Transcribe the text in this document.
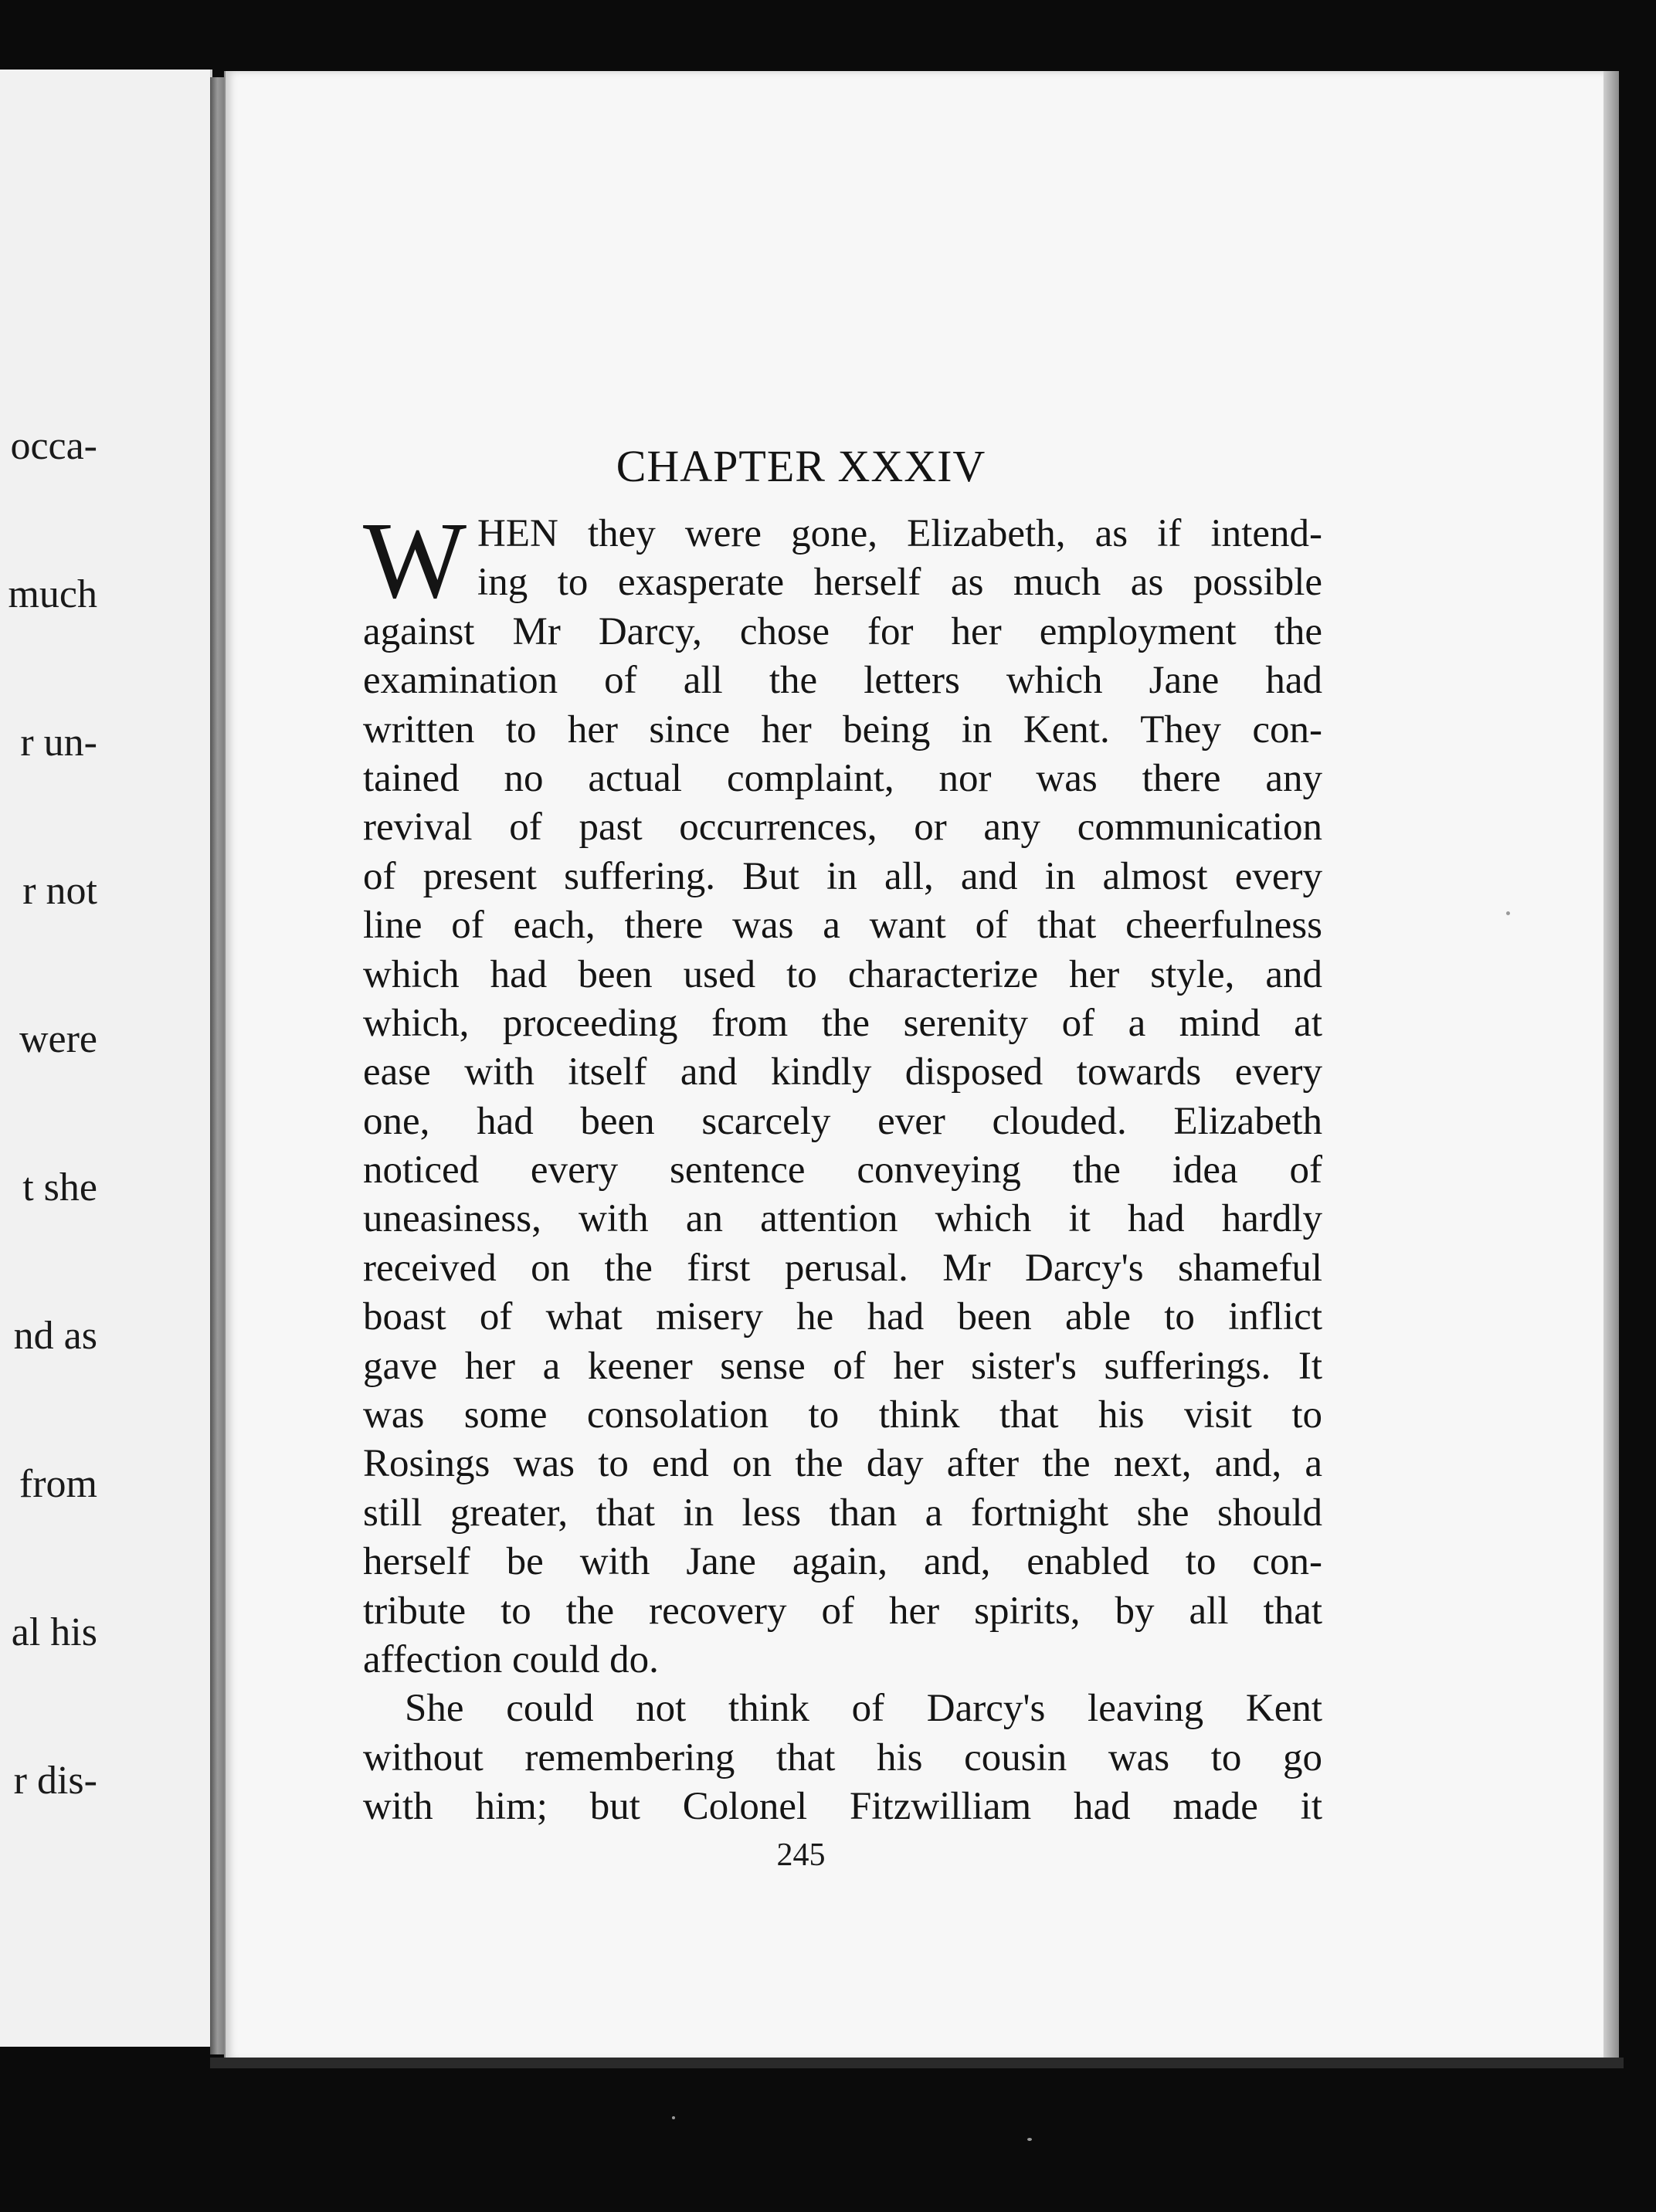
occa-

much

r un-

r not

were

t she

nd as

from

al his

r dis-

CHAPTER XXXIV
W HEN they were gone, Elizabeth, as if intend-
ing to exasperate herself as much as possible
against Mr Darcy, chose for her employment the
examination of all the letters which Jane had
written to her since her being in Kent. They con-
tained no actual complaint, nor was there any
revival of past occurrences, or any communication
of present suffering. But in all, and in almost every
line of each, there was a want of that cheerfulness
which had been used to characterize her style, and
which, proceeding from the serenity of a mind at
ease with itself and kindly disposed towards every
one, had been scarcely ever clouded. Elizabeth
noticed every sentence conveying the idea of
uneasiness, with an attention which it had hardly
received on the first perusal. Mr Darcy's shameful
boast of what misery he had been able to inflict
gave her a keener sense of her sister's sufferings. It
was some consolation to think that his visit to
Rosings was to end on the day after the next, and, a
still greater, that in less than a fortnight she should
herself be with Jane again, and, enabled to con-
tribute to the recovery of her spirits, by all that
affection could do.
She could not think of Darcy's leaving Kent
without remembering that his cousin was to go
with him; but Colonel Fitzwilliam had made it
245
